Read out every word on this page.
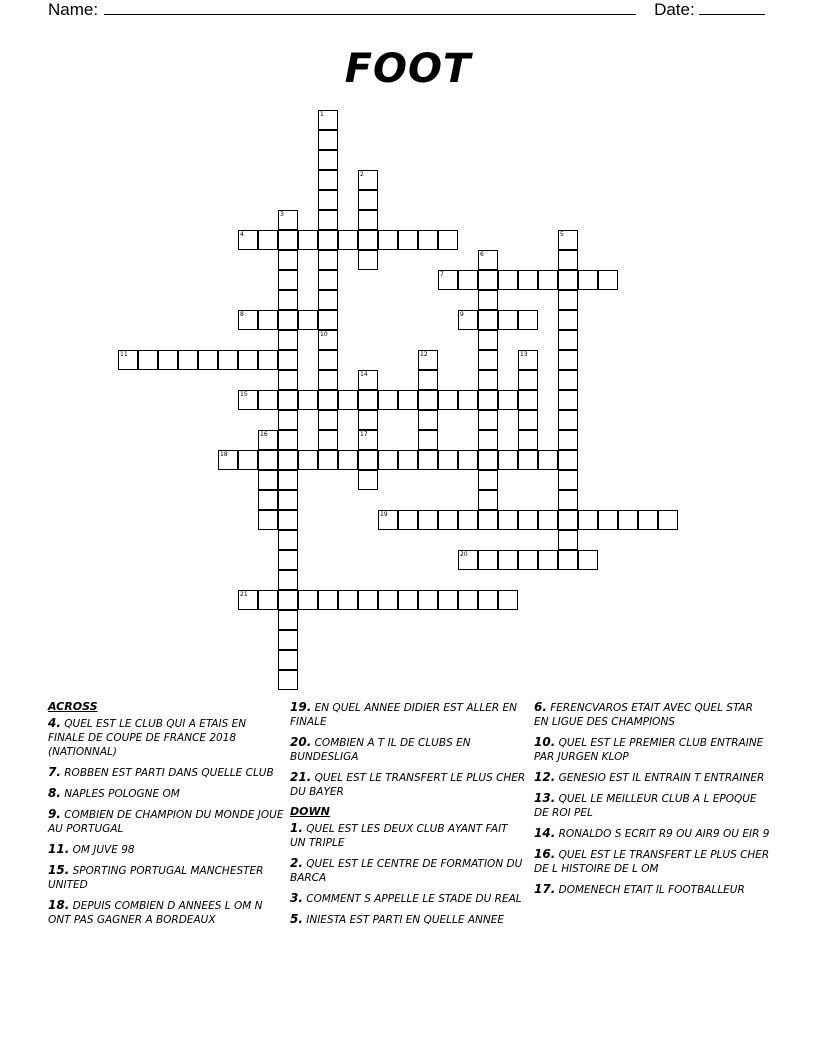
Name:	Date:
FOOT
4
7
8	9
11
15
18
19
20
21
1
2
3
5
6
10
12	13
14
17
16
ACROSS
4. QUEL EST LE CLUB QUI A ETAIS EN FINALE DE COUPE DE FRANCE 2018 (NATIONNAL)
7. ROBBEN EST PARTI DANS QUELLE CLUB
8. NAPLES POLOGNE OM
9. COMBIEN DE CHAMPION DU MONDE JOUE AU PORTUGAL
11. OM JUVE 98
15. SPORTING PORTUGAL MANCHESTER UNITED
18. DEPUIS COMBIEN D ANNEES L OM N ONT PAS GAGNER A BORDEAUX
19. EN QUEL ANNEE DIDIER EST ALLER EN FINALE
20. COMBIEN A T IL DE CLUBS EN BUNDESLIGA
21. QUEL EST LE TRANSFERT LE PLUS CHER DU BAYER
DOWN
1. QUEL EST LES DEUX CLUB AYANT FAIT UN TRIPLE
2. QUEL EST LE CENTRE DE FORMATION DU BARCA
3. COMMENT S APPELLE LE STADE DU REAL
5. INIESTA EST PARTI EN QUELLE ANNEE
6. FERENCVAROS ETAIT AVEC QUEL STAR EN LIGUE DES CHAMPIONS
10. QUEL EST LE PREMIER CLUB ENTRAINE PAR JURGEN KLOP
12. GENESIO EST IL ENTRAIN T ENTRAINER
13. QUEL LE MEILLEUR CLUB A L EPOQUE DE ROI PEL
14. RONALDO S ECRIT R9 OU AIR9 OU EIR 9
16. QUEL EST LE TRANSFERT LE PLUS CHER DE L HISTOIRE DE L OM
17. DOMENECH ETAIT IL FOOTBALLEUR
